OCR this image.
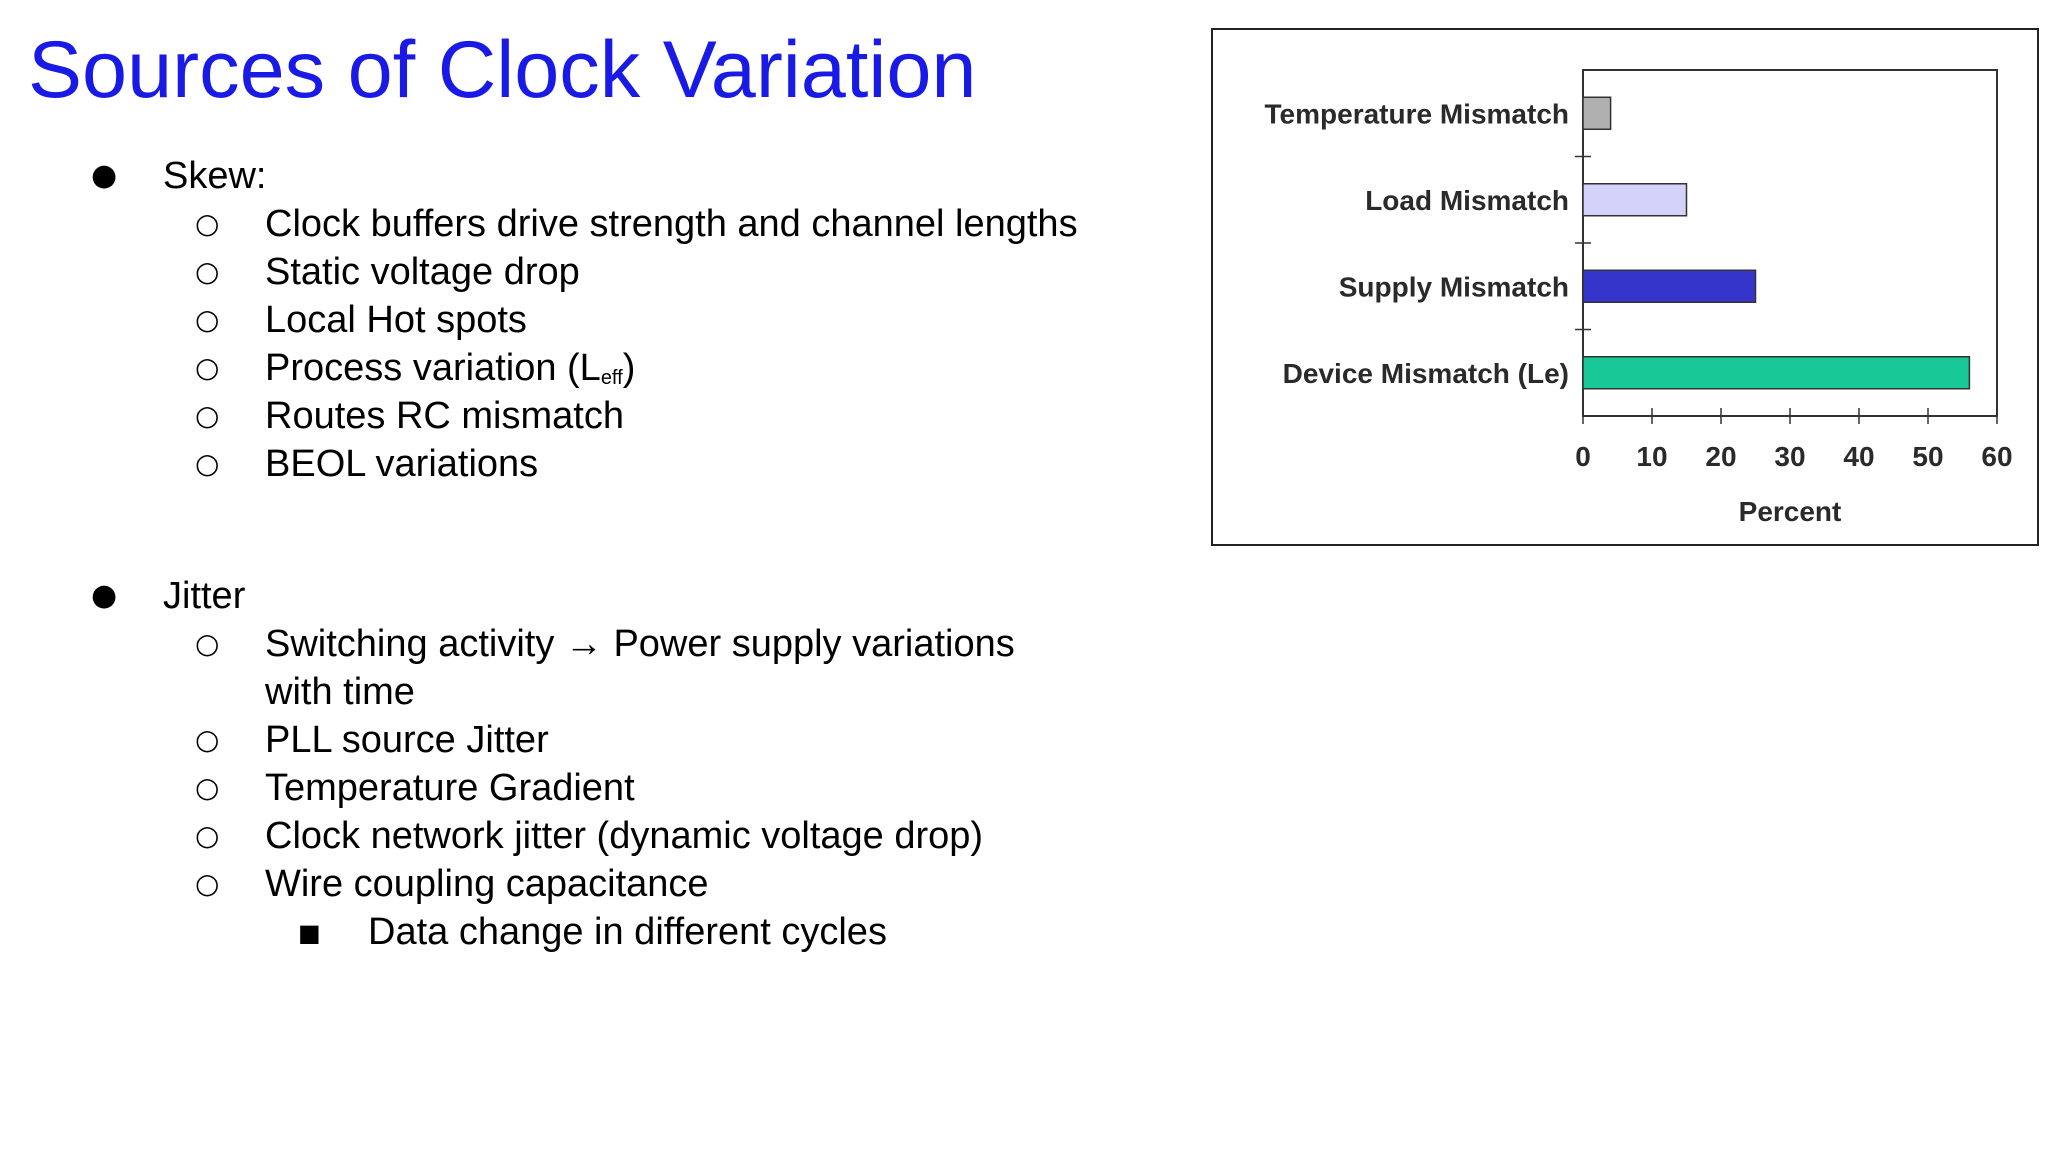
Sources of Clock Variation
● Skew:
○ Clock buffers drive strength and channel lengths
○ Static voltage drop
○ Local Hot spots
○ Process variation $(L_{eff})$
○ Routes RC mismatch
○ BEOL variations
● Jitter
○ Switching activity → Power supply variations
with time
○ PLL source Jitter
○ Temperature Gradient
○ Clock network jitter (dynamic voltage drop)
○ Wire coupling capacitance
■ Data change in different cycles
Temperature Mismatch
Load Mismatch
Supply Mismatch
Device Mismatch (Le)
0 10 20 30 40 50 60
Percent
